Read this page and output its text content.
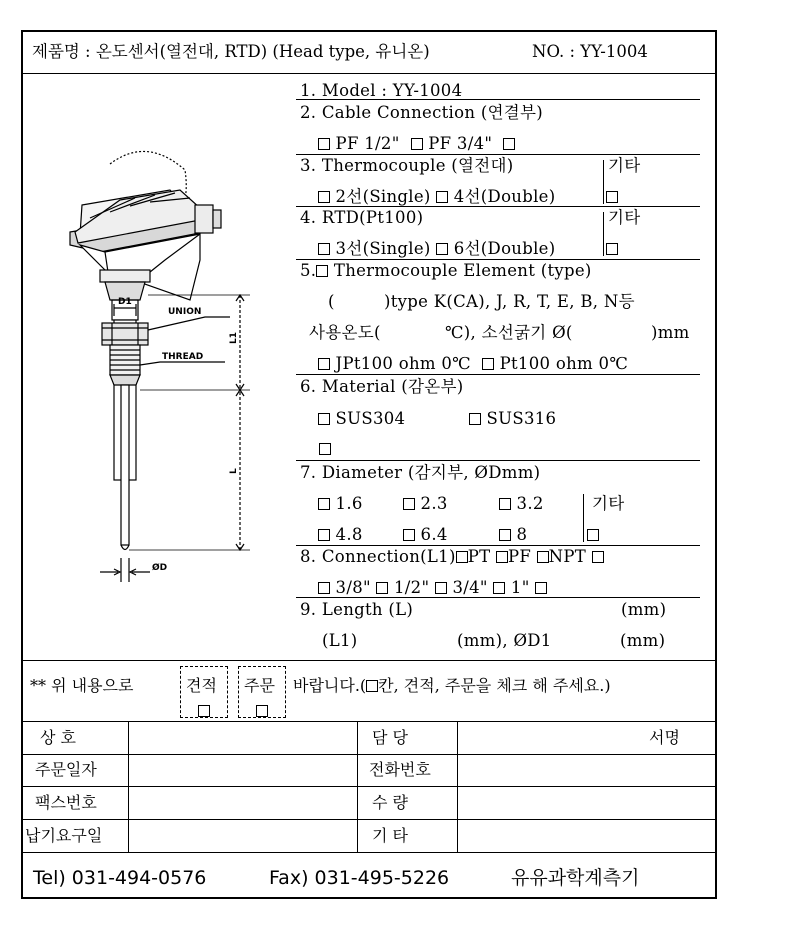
제품명 : 온도센서(열전대, RTD) (Head type, 유니온)	NO. : YY-1004
D1
UNION
THREAD
L1
L
ØD
1. Model : YY-1004
2. Cable Connection (연결부)
PF 1/2" PF 3/4"
3. Thermocouple (열전대)	기타
2선(Single) 4선(Double)
4. RTD(Pt100)	기타
3선(Single) 6선(Double)
5. Thermocouple Element (type)
(	)type K(CA), J, R, T, E, B, N등
사용온도(	℃), 소선굵기 Ø(	)mm
JPt100 ohm 0℃ Pt100 ohm 0℃
6. Material (감온부)
SUS304	SUS316
7. Diameter (감지부, ØDmm)
1.6	2.3	3.2	기타
4.8	6.4	8
8. Connection(L1) PT PF NPT
3/8" 1/2" 3/4" 1"
9. Length (L)	(mm)
(L1)	(mm), ØD1	(mm)
** 위 내용으로	견적 주문 바랍니다.( 칸, 견적, 주문을 체크 해 주세요.)
상 호	담 당	서명
주문일자	전화번호
팩스번호	수 량
납기요구일	기 타
Tel) 031-494-0576	Fax) 031-495-5226	유유과학계측기
